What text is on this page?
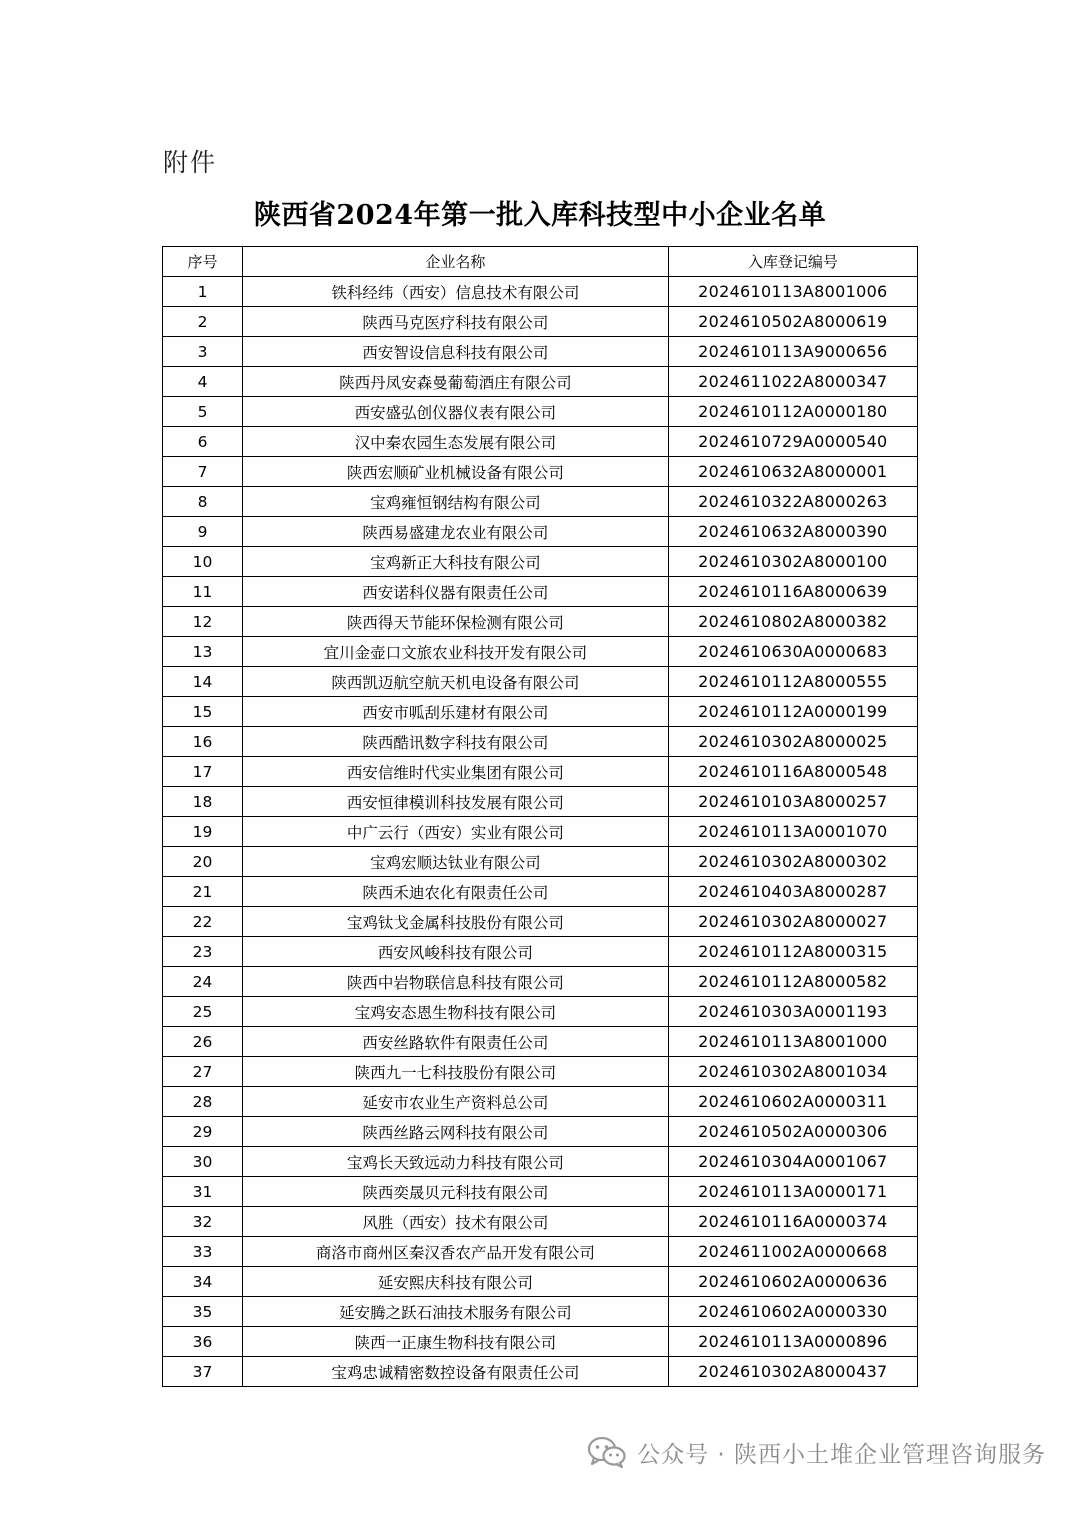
附件
陕西省2024年第一批入库科技型中小企业名单
序号	企业名称	入库登记编号
1	铁科经纬（西安）信息技术有限公司	2024610113A8001006
2	陕西马克医疗科技有限公司	2024610502A8000619
3	西安智设信息科技有限公司	2024610113A9000656
4	陕西丹凤安森曼葡萄酒庄有限公司	2024611022A8000347
5	西安盛弘创仪器仪表有限公司	2024610112A0000180
6	汉中秦农园生态发展有限公司	2024610729A0000540
7	陕西宏顺矿业机械设备有限公司	2024610632A8000001
8	宝鸡雍恒钢结构有限公司	2024610322A8000263
9	陕西易盛建龙农业有限公司	2024610632A8000390
10	宝鸡新正大科技有限公司	2024610302A8000100
11	西安诺科仪器有限责任公司	2024610116A8000639
12	陕西得天节能环保检测有限公司	2024610802A8000382
13	宜川金壶口文旅农业科技开发有限公司	2024610630A0000683
14	陕西凯迈航空航天机电设备有限公司	2024610112A8000555
15	西安市呱刮乐建材有限公司	2024610112A0000199
16	陕西酷讯数字科技有限公司	2024610302A8000025
17	西安信维时代实业集团有限公司	2024610116A8000548
18	西安恒律模训科技发展有限公司	2024610103A8000257
19	中广云行（西安）实业有限公司	2024610113A0001070
20	宝鸡宏顺达钛业有限公司	2024610302A8000302
21	陕西禾迪农化有限责任公司	2024610403A8000287
22	宝鸡钛戈金属科技股份有限公司	2024610302A8000027
23	西安风峻科技有限公司	2024610112A8000315
24	陕西中岩物联信息科技有限公司	2024610112A8000582
25	宝鸡安态恩生物科技有限公司	2024610303A0001193
26	西安丝路软件有限责任公司	2024610113A8001000
27	陕西九一七科技股份有限公司	2024610302A8001034
28	延安市农业生产资料总公司	2024610602A0000311
29	陕西丝路云网科技有限公司	2024610502A0000306
30	宝鸡长天致远动力科技有限公司	2024610304A0001067
31	陕西奕晟贝元科技有限公司	2024610113A0000171
32	风胜（西安）技术有限公司	2024610116A0000374
33	商洛市商州区秦汉香农产品开发有限公司	2024611002A0000668
34	延安熙庆科技有限公司	2024610602A0000636
35	延安腾之跃石油技术服务有限公司	2024610602A0000330
36	陕西一正康生物科技有限公司	2024610113A0000896
37	宝鸡忠诚精密数控设备有限责任公司	2024610302A8000437
公众号 · 陕西小土堆企业管理咨询服务
